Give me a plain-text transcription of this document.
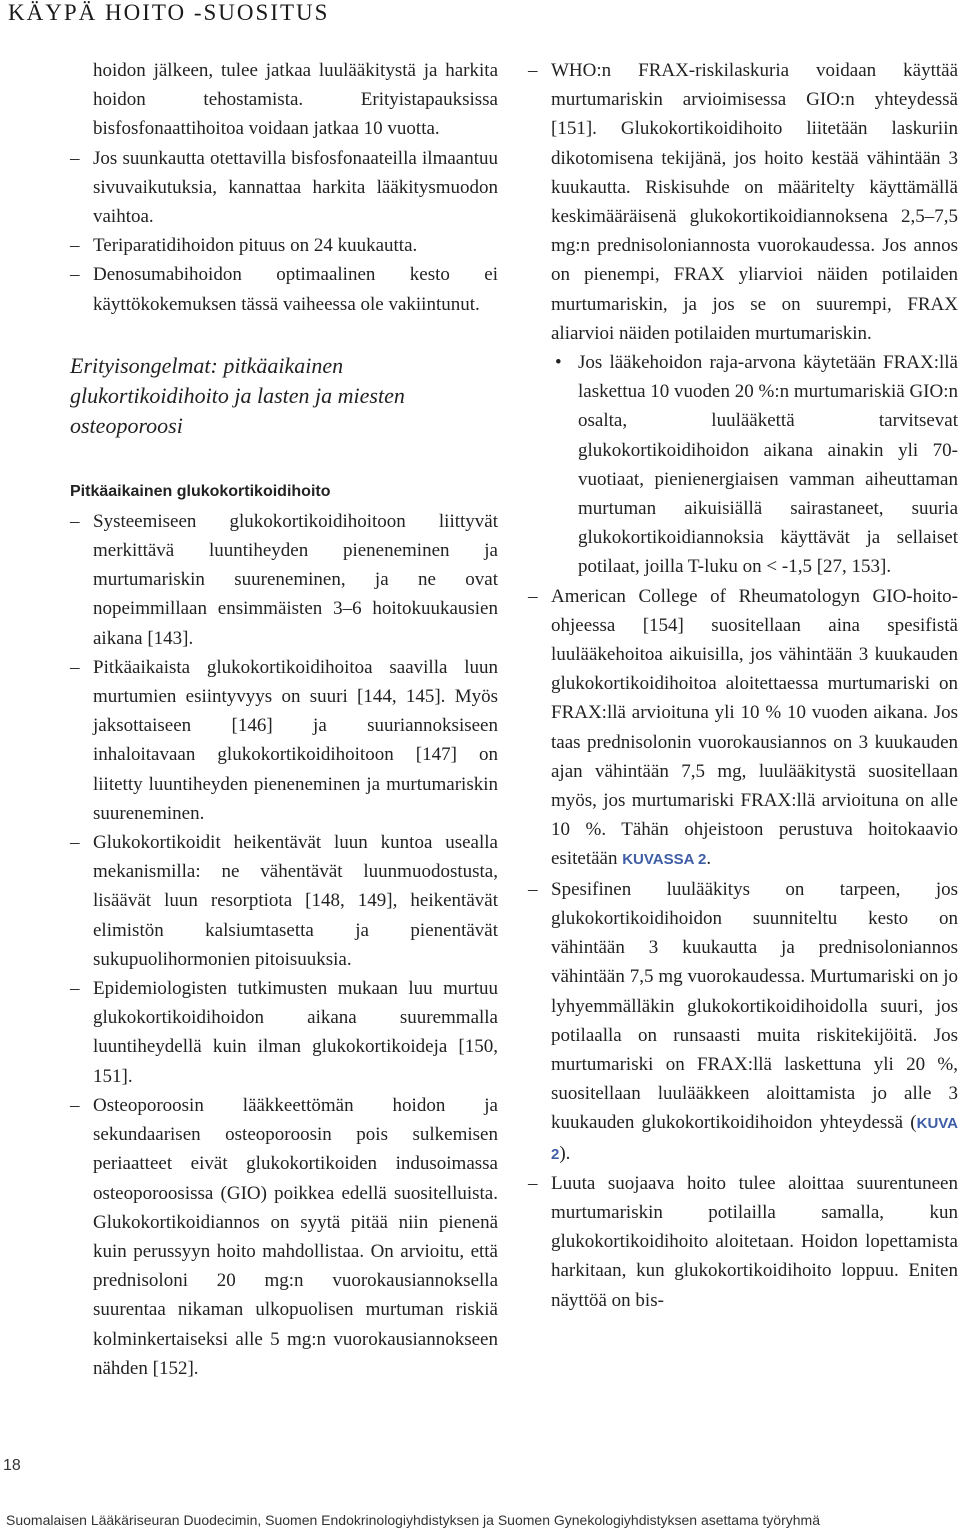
KÄYPÄ HOITO -SUOSITUS

hoidon jälkeen, tulee jatkaa luulääkitystä ja harkita hoidon tehostamista. Erityistapauksissa bisfosfonaattihoitoa voidaan jatkaa 10 vuotta.

– Jos suunkautta otettavilla bisfosfonaateilla ilmaantuu sivuvaikutuksia, kannattaa harkita lääkitysmuodon vaihtoa.
– Teriparatidihoidon pituus on 24 kuukautta.
– Denosumabihoidon optimaalinen kesto ei käyttökokemuksen tässä vaiheessa ole vakiintunut.
Erityisongelmat: pitkäaikainen glukortikoidihoito ja lasten ja miesten osteoporoosi
Pitkäaikainen glukokortikoidihoito
– Systeemiseen glukokortikoidihoitoon liittyvät merkittävä luuntiheyden pieneneminen ja murtumariskin suureneminen, ja ne ovat nopeimmillaan ensimmäisten 3–6 hoitokuukausien aikana [143].
– Pitkäaikaista glukokortikoidihoitoa saavilla luun murtumien esiintyvyys on suuri [144, 145]. Myös jaksottaiseen [146] ja suuriannoksiseen inhaloitavaan glukokortikoidihoitoon [147] on liitetty luuntiheyden pieneneminen ja murtumariskin suureneminen.
– Glukokortikoidit heikentävät luun kuntoa usealla mekanismilla: ne vähentävät luunmuodostusta, lisäävät luun resorptiota [148, 149], heikentävät elimistön kalsiumtasetta ja pienentävät sukupuolihormonien pitoisuuksia.
– Epidemiologisten tutkimusten mukaan luu murtuu glukokortikoidihoidon aikana suuremmalla luuntiheydellä kuin ilman glukokortikoideja [150, 151].
– Osteoporoosin lääkkeettömän hoidon ja sekundaarisen osteoporoosin pois sulkemisen periaatteet eivät glukokortikoiden indusoimassa osteoporoosissa (GIO) poikkea edellä suositelluista. Glukokortikoidiannos on syytä pitää niin pienenä kuin perussyyn hoito mahdollistaa. On arvioitu, että prednisoloni 20 mg:n vuorokausiannoksella suurentaa nikaman ulkopuolisen murtuman riskiä kolminkertaiseksi alle 5 mg:n vuorokausiannokseen nähden [152].
– WHO:n FRAX-riskilaskuria voidaan käyttää murtumariskin arvioimisessa GIO:n yhteydessä [151]. Glukokortikoidihoito liitetään laskuriin dikotomisena tekijänä, jos hoito kestää vähintään 3 kuukautta. Riskisuhde on määritelty käyttämällä keskimääräisenä glukokortikoidiannoksena 2,5–7,5 mg:n prednisoloniannosta vuorokaudessa. Jos annos on pienempi, FRAX yliarvioi näiden potilaiden murtumariskin, ja jos se on suurempi, FRAX aliarvioi näiden potilaiden murtumariskin.
• Jos lääkehoidon raja-arvona käytetään FRAX:llä laskettua 10 vuoden 20 %:n murtumariskiä GIO:n osalta, luulääkettä tarvitsevat glukokortikoidihoidon aikana ainakin yli 70-vuotiaat, pienienergiaisen vamman aiheuttaman murtuman aikuisiällä sairastaneet, suuria glukokortikoidiannoksia käyttävät ja sellaiset potilaat, joilla T-luku on < -1,5 [27, 153].
– American College of Rheumatologyn GIO-hoito-ohjeessa [154] suositellaan aina spesifistä luulääkehoitoa aikuisilla, jos vähintään 3 kuukauden glukokortikoidihoitoa aloitettaessa murtumariski on FRAX:llä arvioituna yli 10 % 10 vuoden aikana. Jos taas prednisolonin vuorokausiannos on 3 kuukauden ajan vähintään 7,5 mg, luulääkitystä suositellaan myös, jos murtumariski FRAX:llä arvioituna on alle 10 %. Tähän ohjeistoon perustuva hoitokaavio esitetään KUVASSA 2.
– Spesifinen luulääkitys on tarpeen, jos glukokortikoidihoidon suunniteltu kesto on vähintään 3 kuukautta ja prednisoloniannos vähintään 7,5 mg vuorokaudessa. Murtumariski on jo lyhyemmälläkin glukokortikoidihoidolla suuri, jos potilaalla on runsaasti muita riskitekijöitä. Jos murtumariski on FRAX:llä laskettuna yli 20 %, suositellaan luulääkkeen aloittamista jo alle 3 kuukauden glukokortikoidihoidon yhteydessä (KUVA 2).
– Luuta suojaava hoito tulee aloittaa suurentuneen murtumariskin potilailla samalla, kun glukokortikoidihoito aloitetaan. Hoidon lopettamista harkitaan, kun glukokortikoidihoito loppuu. Eniten näyttöä on bis-
18
Suomalaisen Lääkäriseuran Duodecimin, Suomen Endokrinologiyhdistyksen ja Suomen Gynekologiyhdistyksen asettama työryhmä
